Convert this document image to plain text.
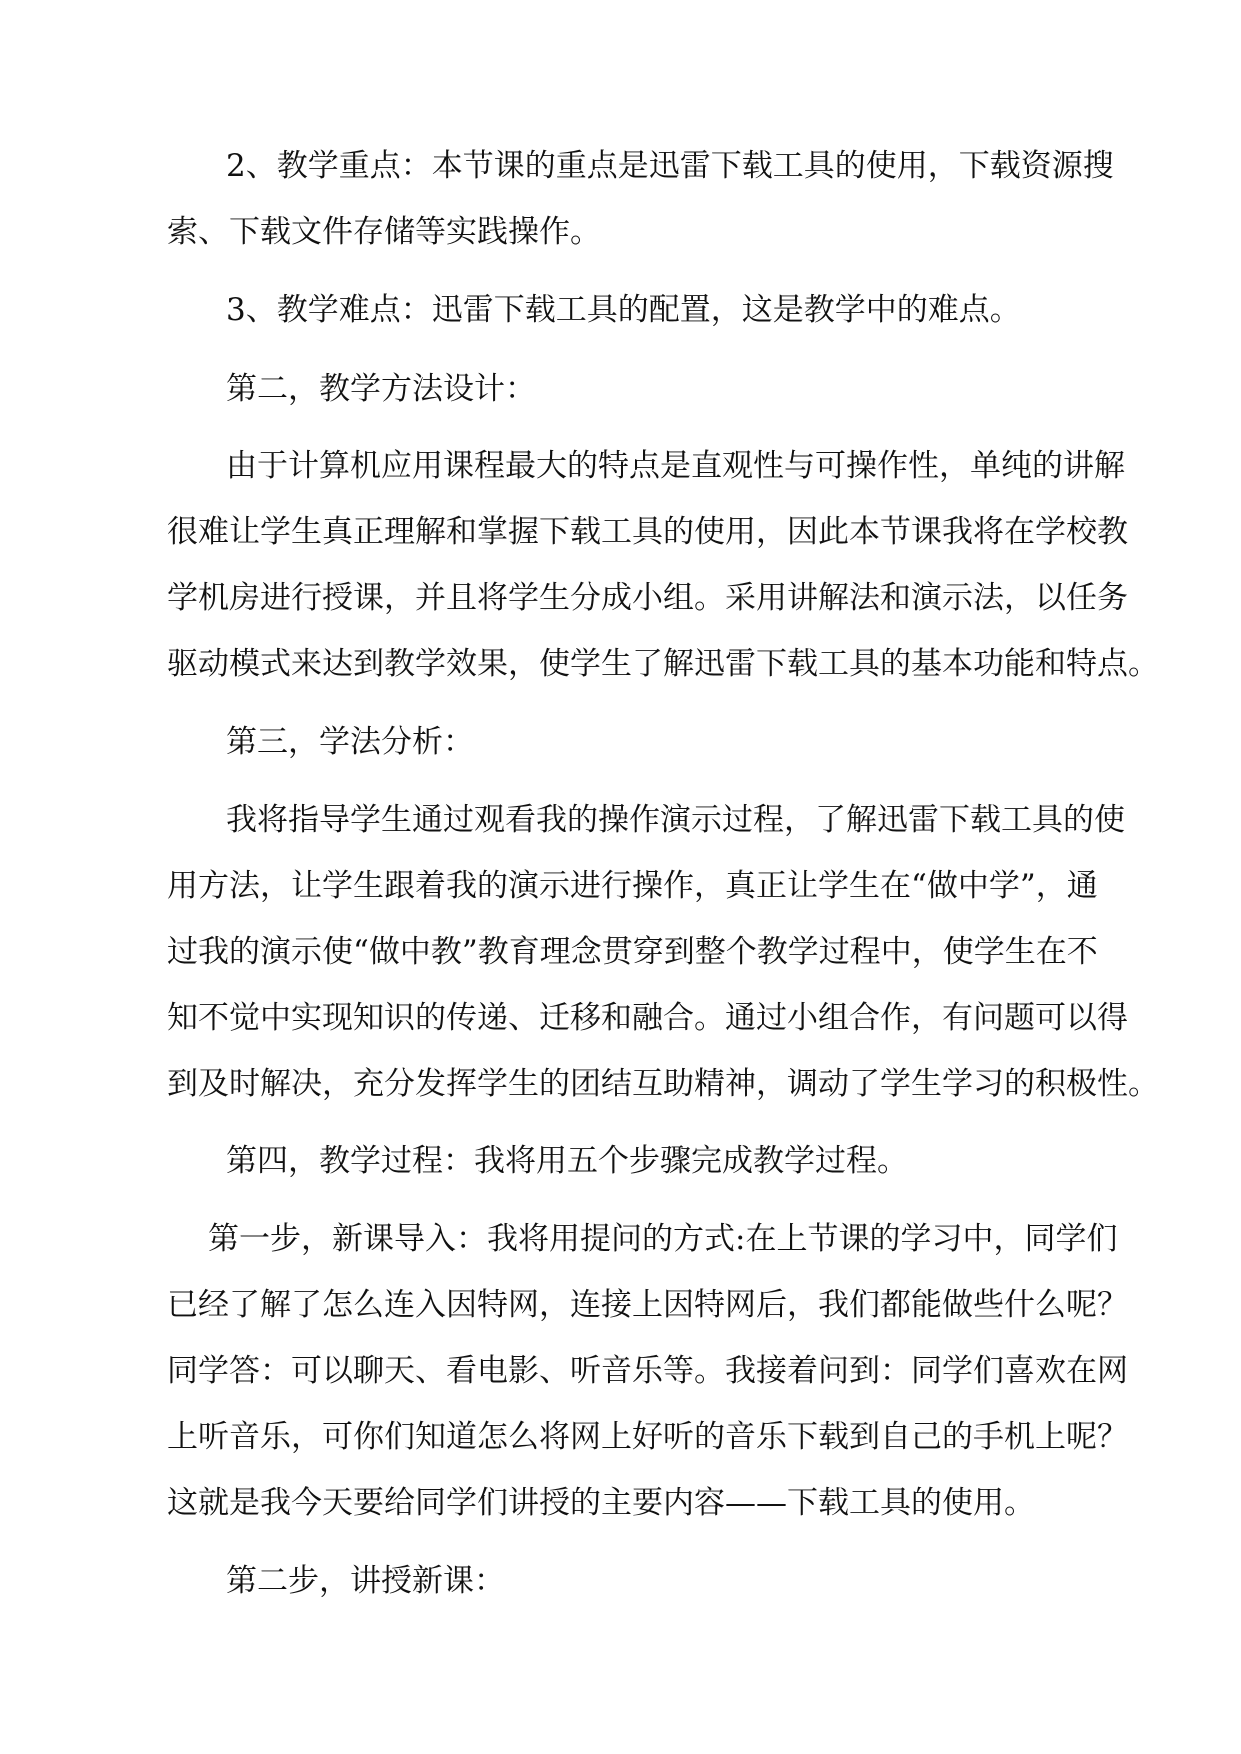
2、教学重点：本节课的重点是迅雷下载工具的使用，下载资源搜
索、下载文件存储等实践操作。
3、教学难点：迅雷下载工具的配置，这是教学中的难点。
第二，教学方法设计：
由于计算机应用课程最大的特点是直观性与可操作性，单纯的讲解
很难让学生真正理解和掌握下载工具的使用，因此本节课我将在学校教
学机房进行授课，并且将学生分成小组。采用讲解法和演示法，以任务
驱动模式来达到教学效果，使学生了解迅雷下载工具的基本功能和特点。
第三，学法分析：
我将指导学生通过观看我的操作演示过程，了解迅雷下载工具的使
用方法，让学生跟着我的演示进行操作，真正让学生在“做中学”，通
过我的演示使“做中教”教育理念贯穿到整个教学过程中，使学生在不
知不觉中实现知识的传递、迁移和融合。通过小组合作，有问题可以得
到及时解决，充分发挥学生的团结互助精神，调动了学生学习的积极性。
第四，教学过程：我将用五个步骤完成教学过程。
第一步，新课导入：我将用提问的方式:在上节课的学习中，同学们
已经了解了怎么连入因特网，连接上因特网后，我们都能做些什么呢？
同学答：可以聊天、看电影、听音乐等。我接着问到：同学们喜欢在网
上听音乐，可你们知道怎么将网上好听的音乐下载到自己的手机上呢？
这就是我今天要给同学们讲授的主要内容——下载工具的使用。
第二步，讲授新课：
